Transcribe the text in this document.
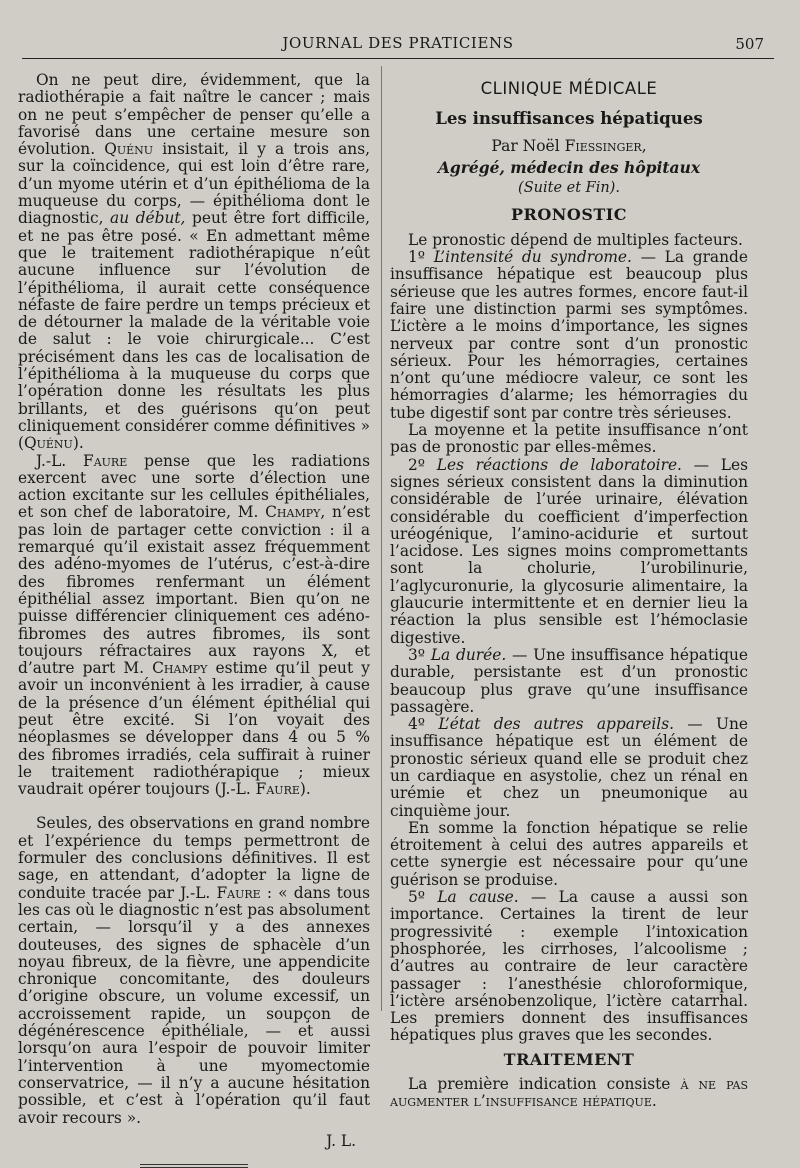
JOURNAL DES PRATICIENS	507

On ne peut dire, évidemment, que la radiothérapie a fait naître le cancer ; mais on ne peut s’empêcher de penser qu’elle a favorisé dans une certaine mesure son évolution. Quénu insistait, il y a trois ans, sur la coïncidence, qui est loin d’être rare, d’un myome utérin et d’un épithélioma de la muqueuse du corps, — épithélioma dont le diagnostic, au début, peut être fort difficile, et ne pas être posé. « En admettant même que le traitement radiothérapique n’eût aucune influence sur l’évolution de l’épithélioma, il aurait cette conséquence néfaste de faire perdre un temps précieux et de détourner la malade de la véritable voie de salut : le voie chirurgicale... C’est précisément dans les cas de localisation de l’épithélioma à la muqueuse du corps que l’opération donne les résultats les plus brillants, et des guérisons qu’on peut cliniquement considérer comme définitives » (Quénu).

J.-L. Faure pense que les radiations exercent avec une sorte d’élection une action excitante sur les cellules épithéliales, et son chef de laboratoire, M. Champy, n’est pas loin de partager cette conviction : il a remarqué qu’il existait assez fréquemment des adéno-myomes de l’utérus, c’est-à-dire des fibromes renfermant un élément épithélial assez important. Bien qu’on ne puisse différencier cliniquement ces adéno-fibromes des autres fibromes, ils sont toujours réfractaires aux rayons X, et d’autre part M. Champy estime qu’il peut y avoir un inconvénient à les irradier, à cause de la présence d’un élément épithélial qui peut être excité. Si l’on voyait des néoplasmes se développer dans 4 ou 5 % des fibromes irradiés, cela suffirait à ruiner le traitement radiothérapique ; mieux vaudrait opérer toujours (J.-L. Faure).

Seules, des observations en grand nombre et l’expérience du temps permettront de formuler des conclusions définitives. Il est sage, en attendant, d’adopter la ligne de conduite tracée par J.-L. Faure : « dans tous les cas où le diagnostic n’est pas absolument certain, — lorsqu’il y a des annexes douteuses, des signes de sphacèle d’un noyau fibreux, de la fièvre, une appendicite chronique concomitante, des douleurs d’origine obscure, un volume excessif, un accroissement rapide, un soupçon de dégénérescence épithéliale, — et aussi lorsqu’on aura l’espoir de pouvoir limiter l’intervention à une myomectomie conservatrice, — il n’y a aucune hésitation possible, et c’est à l’opération qu’il faut avoir recours ».

J. L.

CLINIQUE MÉDICALE
Les insuffisances hépatiques
Par Noël Fiessinger,
Agrégé, médecin des hôpitaux
(Suite et Fin).
PRONOSTIC

Le pronostic dépend de multiples facteurs.

1º L’intensité du syndrome. — La grande insuffisance hépatique est beaucoup plus sérieuse que les autres formes, encore faut-il faire une distinction parmi ses symptômes. L’ictère a le moins d’importance, les signes nerveux par contre sont d’un pronostic sérieux. Pour les hémorragies, certaines n’ont qu’une médiocre valeur, ce sont les hémorragies d’alarme; les hémorragies du tube digestif sont par contre très sérieuses.

La moyenne et la petite insuffisance n’ont pas de pronostic par elles-mêmes.

2º Les réactions de laboratoire. — Les signes sérieux consistent dans la diminution considérable de l’urée urinaire, élévation considérable du coefficient d’imperfection uréogénique, l’amino-acidurie et surtout l’acidose. Les signes moins compromettants sont la cholurie, l’urobilinurie, l’aglycuronurie, la glycosurie alimentaire, la glaucurie intermittente et en dernier lieu la réaction la plus sensible est l’hémoclasie digestive.

3º La durée. — Une insuffisance hépatique durable, persistante est d’un pronostic beaucoup plus grave qu’une insuffisance passagère.

4º L’état des autres appareils. — Une insuffisance hépatique est un élément de pronostic sérieux quand elle se produit chez un cardiaque en asystolie, chez un rénal en urémie et chez un pneumonique au cinquième jour.

En somme la fonction hépatique se relie étroitement à celui des autres appareils et cette synergie est nécessaire pour qu’une guérison se produise.

5º La cause. — La cause a aussi son importance. Certaines la tirent de leur progressivité : exemple l’intoxication phosphorée, les cirrhoses, l’alcoolisme ; d’autres au contraire de leur caractère passager : l’anesthésie chloroformique, l’ictère arsénobenzolique, l’ictère catarrhal. Les premiers donnent des insuffisances hépatiques plus graves que les secondes.

TRAITEMENT

La première indication consiste à ne pas augmenter l’insuffisance hépatique.
